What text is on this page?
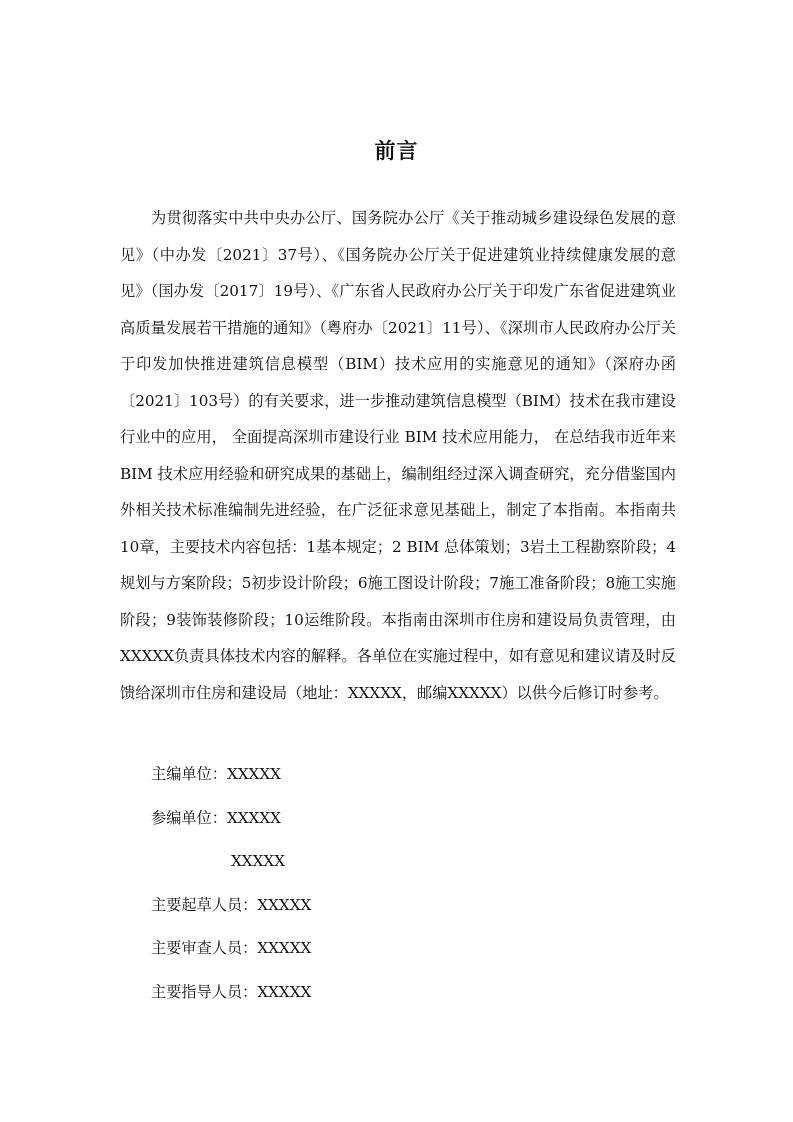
前言

为贯彻落实中共中央办公厅、国务院办公厅《关于推动城乡建设绿色发展的意见》（中办发〔2021〕37号）、《国务院办公厅关于促进建筑业持续健康发展的意见》（国办发〔2017〕19号）、《广东省人民政府办公厅关于印发广东省促进建筑业高质量发展若干措施的通知》（粤府办〔2021〕11号）、《深圳市人民政府办公厅关于印发加快推进建筑信息模型（BIM）技术应用的实施意见的通知》（深府办函〔2021〕103号）的有关要求，进一步推动建筑信息模型（BIM）技术在我市建设行业中的应用， 全面提高深圳市建设行业 BIM 技术应用能力， 在总结我市近年来 BIM 技术应用经验和研究成果的基础上，编制组经过深入调查研究，充分借鉴国内外相关技术标准编制先进经验，在广泛征求意见基础上，制定了本指南。本指南共10章，主要技术内容包括：1基本规定；2 BIM 总体策划；3岩土工程勘察阶段；4规划与方案阶段；5初步设计阶段；6施工图设计阶段；7施工准备阶段；8施工实施阶段；9装饰装修阶段；10运维阶段。本指南由深圳市住房和建设局负责管理，由XXXXX负责具体技术内容的解释。各单位在实施过程中，如有意见和建议请及时反馈给深圳市住房和建设局（地址：XXXXX，邮编XXXXX）以供今后修订时参考。

主编单位：XXXXX
参编单位：XXXXX
XXXXX
主要起草人员：XXXXX
主要审查人员：XXXXX
主要指导人员：XXXXX
